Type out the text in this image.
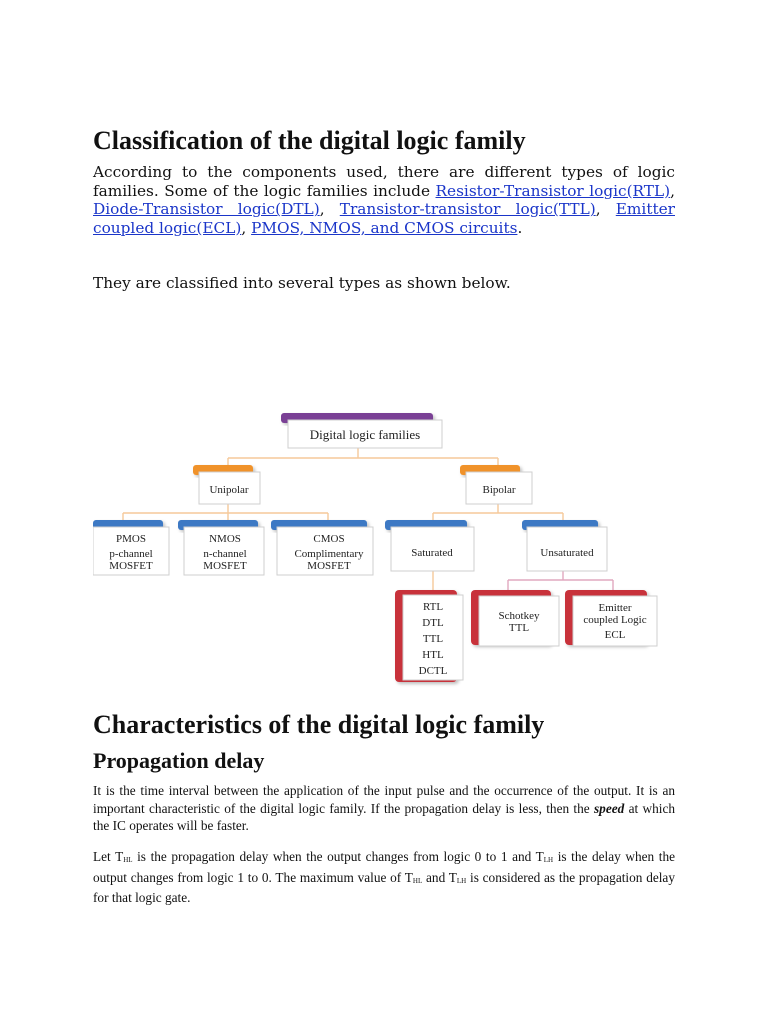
Classification of the digital logic family

According to the components used, there are different types of logic families. Some of the logic families include Resistor-Transistor logic(RTL), Diode-Transistor logic(DTL), Transistor-transistor logic(TTL), Emitter coupled logic(ECL), PMOS, NMOS, and CMOS circuits.

They are classified into several types as shown below.

Digital logic families
Unipolar	Bipolar
PMOS
p-channel
MOSFET
NMOS
n-channel
MOSFET
CMOS
Complimentary
MOSFET
Saturated	Unsaturated
RTL
DTL
TTL
HTL
DCTL
Schotkey
TTL
Emitter
coupled Logic
ECL
Characteristics of the digital logic family
Propagation delay

It is the time interval between the application of the input pulse and the occurrence of the output. It is an important characteristic of the digital logic family. If the propagation delay is less, then the speed at which the IC operates will be faster.

Let $T_{HL}$ is the propagation delay when the output changes from logic 0 to 1 and $T_{LH}$ is the delay when the output changes from logic 1 to 0. The maximum value of $T_{HL}$ and $T_{LH}$ is considered as the propagation delay for that logic gate.
